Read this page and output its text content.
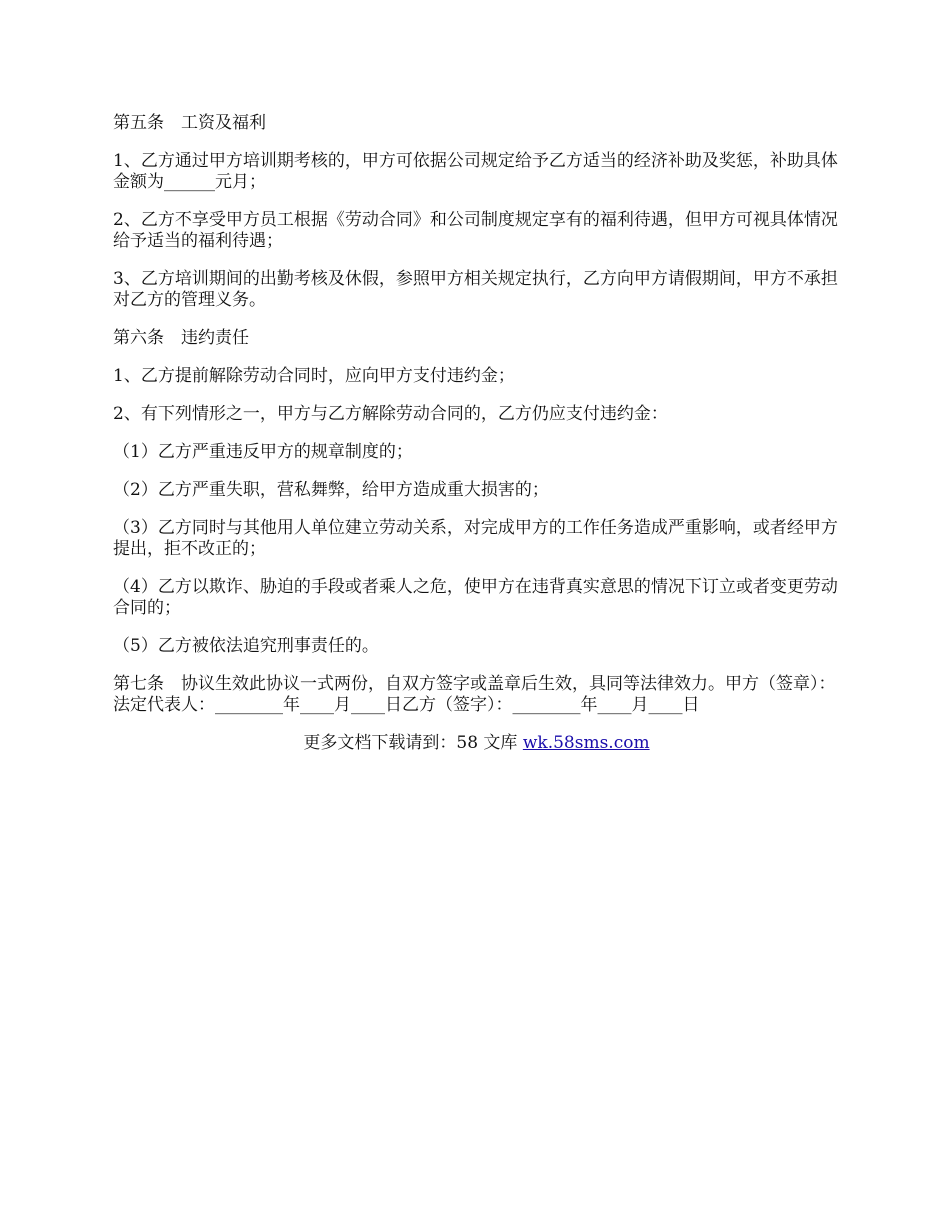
第五条　工资及福利

1、乙方通过甲方培训期考核的，甲方可依据公司规定给予乙方适当的经济补助及奖惩，补助具体金额为______元月；

2、乙方不享受甲方员工根据《劳动合同》和公司制度规定享有的福利待遇，但甲方可视具体情况给予适当的福利待遇；

3、乙方培训期间的出勤考核及休假，参照甲方相关规定执行，乙方向甲方请假期间，甲方不承担对乙方的管理义务。

第六条　违约责任

1、乙方提前解除劳动合同时，应向甲方支付违约金；

2、有下列情形之一，甲方与乙方解除劳动合同的，乙方仍应支付违约金：

（1）乙方严重违反甲方的规章制度的；

（2）乙方严重失职，营私舞弊，给甲方造成重大损害的；

（3）乙方同时与其他用人单位建立劳动关系，对完成甲方的工作任务造成严重影响，或者经甲方提出，拒不改正的；

（4）乙方以欺诈、胁迫的手段或者乘人之危，使甲方在违背真实意思的情况下订立或者变更劳动合同的；

（5）乙方被依法追究刑事责任的。

第七条　协议生效此协议一式两份，自双方签字或盖章后生效，具同等法律效力。甲方（签章）：法定代表人：________年____月____日乙方（签字）：________年____月____日

更多文档下载请到：58 文库 wk.58sms.com
